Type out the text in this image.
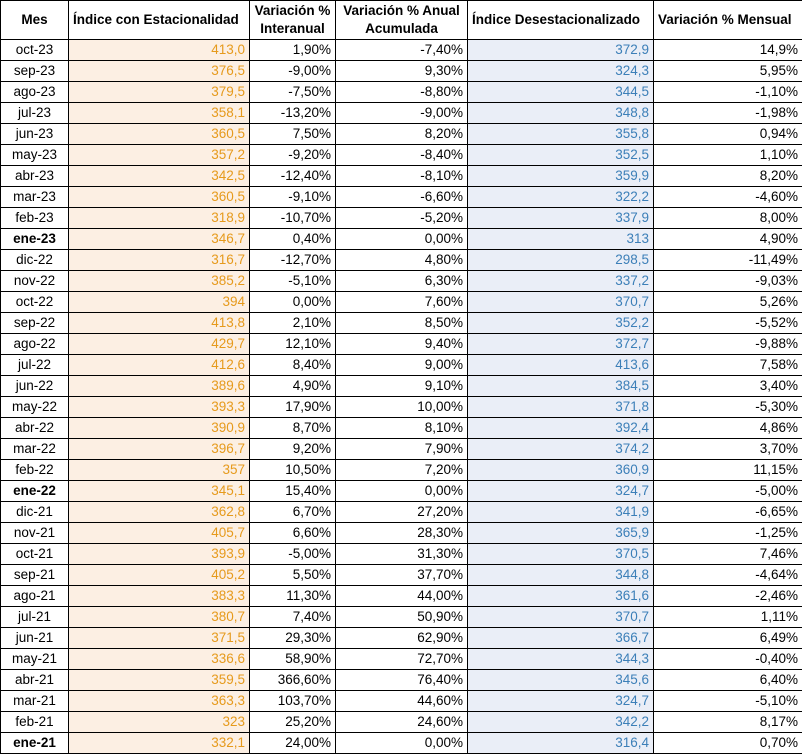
Mes	Índice con Estacionalidad	Variación % Interanual	Variación % Anual Acumulada	Índice Desestacionalizado	Variación % Mensual
oct-23	413,0	1,90%	-7,40%	372,9	14,9%
sep-23	376,5	-9,00%	9,30%	324,3	5,95%
ago-23	379,5	-7,50%	-8,80%	344,5	-1,10%
jul-23	358,1	-13,20%	-9,00%	348,8	-1,98%
jun-23	360,5	7,50%	8,20%	355,8	0,94%
may-23	357,2	-9,20%	-8,40%	352,5	1,10%
abr-23	342,5	-12,40%	-8,10%	359,9	8,20%
mar-23	360,5	-9,10%	-6,60%	322,2	-4,60%
feb-23	318,9	-10,70%	-5,20%	337,9	8,00%
ene-23	346,7	0,40%	0,00%	313	4,90%
dic-22	316,7	-12,70%	4,80%	298,5	-11,49%
nov-22	385,2	-5,10%	6,30%	337,2	-9,03%
oct-22	394	0,00%	7,60%	370,7	5,26%
sep-22	413,8	2,10%	8,50%	352,2	-5,52%
ago-22	429,7	12,10%	9,40%	372,7	-9,88%
jul-22	412,6	8,40%	9,00%	413,6	7,58%
jun-22	389,6	4,90%	9,10%	384,5	3,40%
may-22	393,3	17,90%	10,00%	371,8	-5,30%
abr-22	390,9	8,70%	8,10%	392,4	4,86%
mar-22	396,7	9,20%	7,90%	374,2	3,70%
feb-22	357	10,50%	7,20%	360,9	11,15%
ene-22	345,1	15,40%	0,00%	324,7	-5,00%
dic-21	362,8	6,70%	27,20%	341,9	-6,65%
nov-21	405,7	6,60%	28,30%	365,9	-1,25%
oct-21	393,9	-5,00%	31,30%	370,5	7,46%
sep-21	405,2	5,50%	37,70%	344,8	-4,64%
ago-21	383,3	11,30%	44,00%	361,6	-2,46%
jul-21	380,7	7,40%	50,90%	370,7	1,11%
jun-21	371,5	29,30%	62,90%	366,7	6,49%
may-21	336,6	58,90%	72,70%	344,3	-0,40%
abr-21	359,5	366,60%	76,40%	345,6	6,40%
mar-21	363,3	103,70%	44,60%	324,7	-5,10%
feb-21	323	25,20%	24,60%	342,2	8,17%
ene-21	332,1	24,00%	0,00%	316,4	0,70%
